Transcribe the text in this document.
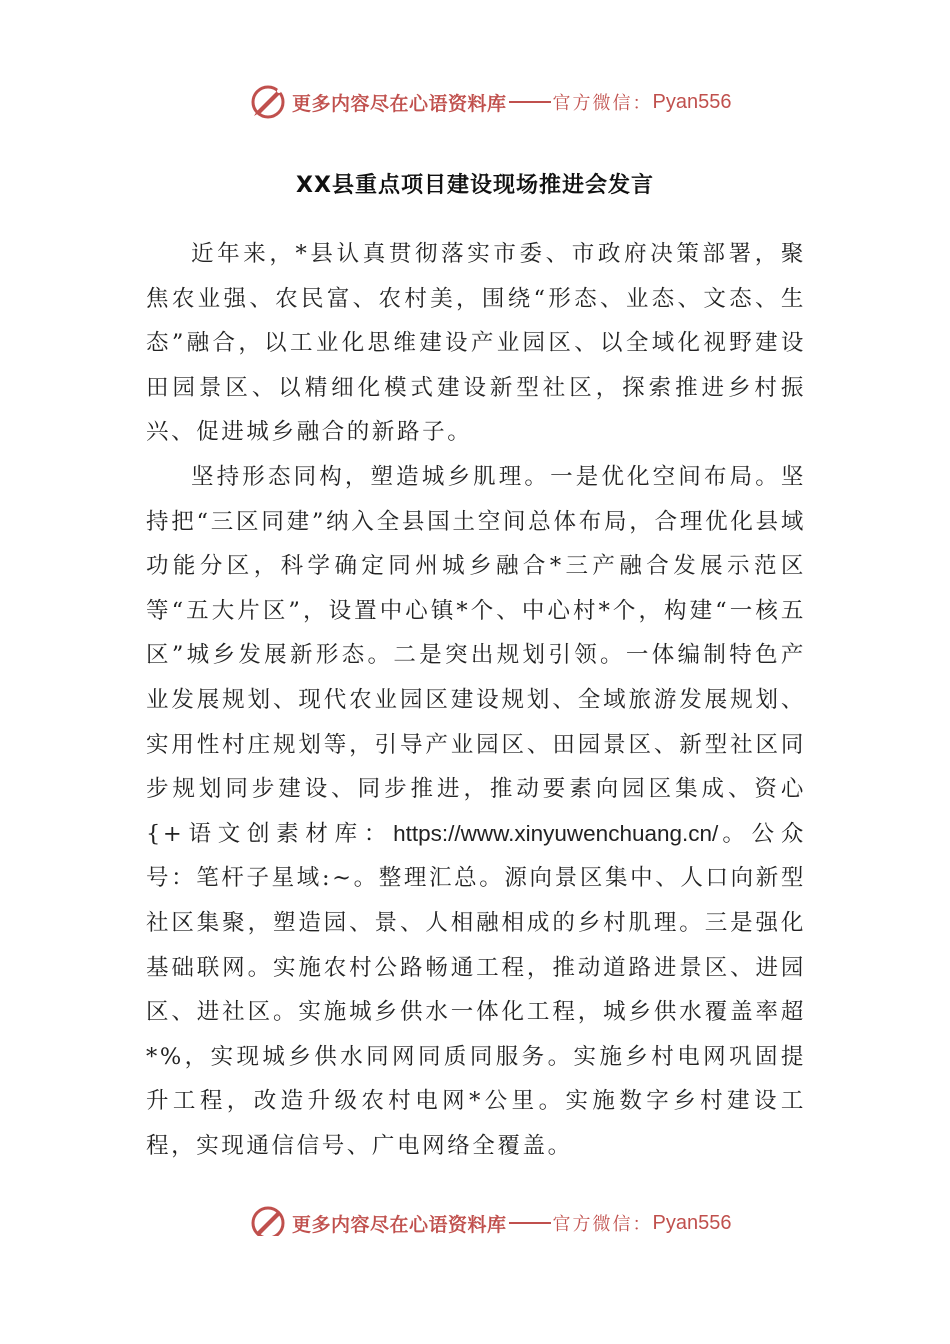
更多内容尽在心语资料库	官方微信： Pyan556
XX县重点项目建设现场推进会发言

近年来，*县认真贯彻落实市委、市政府决策部署，聚焦农业强、农民富、农村美，围绕“形态、业态、文态、生态”融合，以工业化思维建设产业园区、以全域化视野建设田园景区、以精细化模式建设新型社区，探索推进乡村振兴、促进城乡融合的新路子。

坚持形态同构，塑造城乡肌理。一是优化空间布局。坚持把“三区同建”纳入全县国土空间总体布局，合理优化县域功能分区，科学确定同州城乡融合*三产融合发展示范区等“五大片区”，设置中心镇*个、中心村*个，构建“一核五区”城乡发展新形态。二是突出规划引领。一体编制特色产业发展规划、现代农业园区建设规划、全域旅游发展规划、实用性村庄规划等，引导产业园区、田园景区、新型社区同步规划同步建设、同步推进，推动要素向园区集成、资心{+语文创素材库：https://www.xinyuwenchuang.cn/。公众号：笔杆子星域:~。整理汇总。源向景区集中、人口向新型社区集聚，塑造园、景、人相融相成的乡村肌理。三是强化基础联网。实施农村公路畅通工程，推动道路进景区、进园区、进社区。实施城乡供水一体化工程，城乡供水覆盖率超*%，实现城乡供水同网同质同服务。实施乡村电网巩固提升工程，改造升级农村电网*公里。实施数字乡村建设工程，实现通信信号、广电网络全覆盖。

更多内容尽在心语资料库	官方微信： Pyan556
